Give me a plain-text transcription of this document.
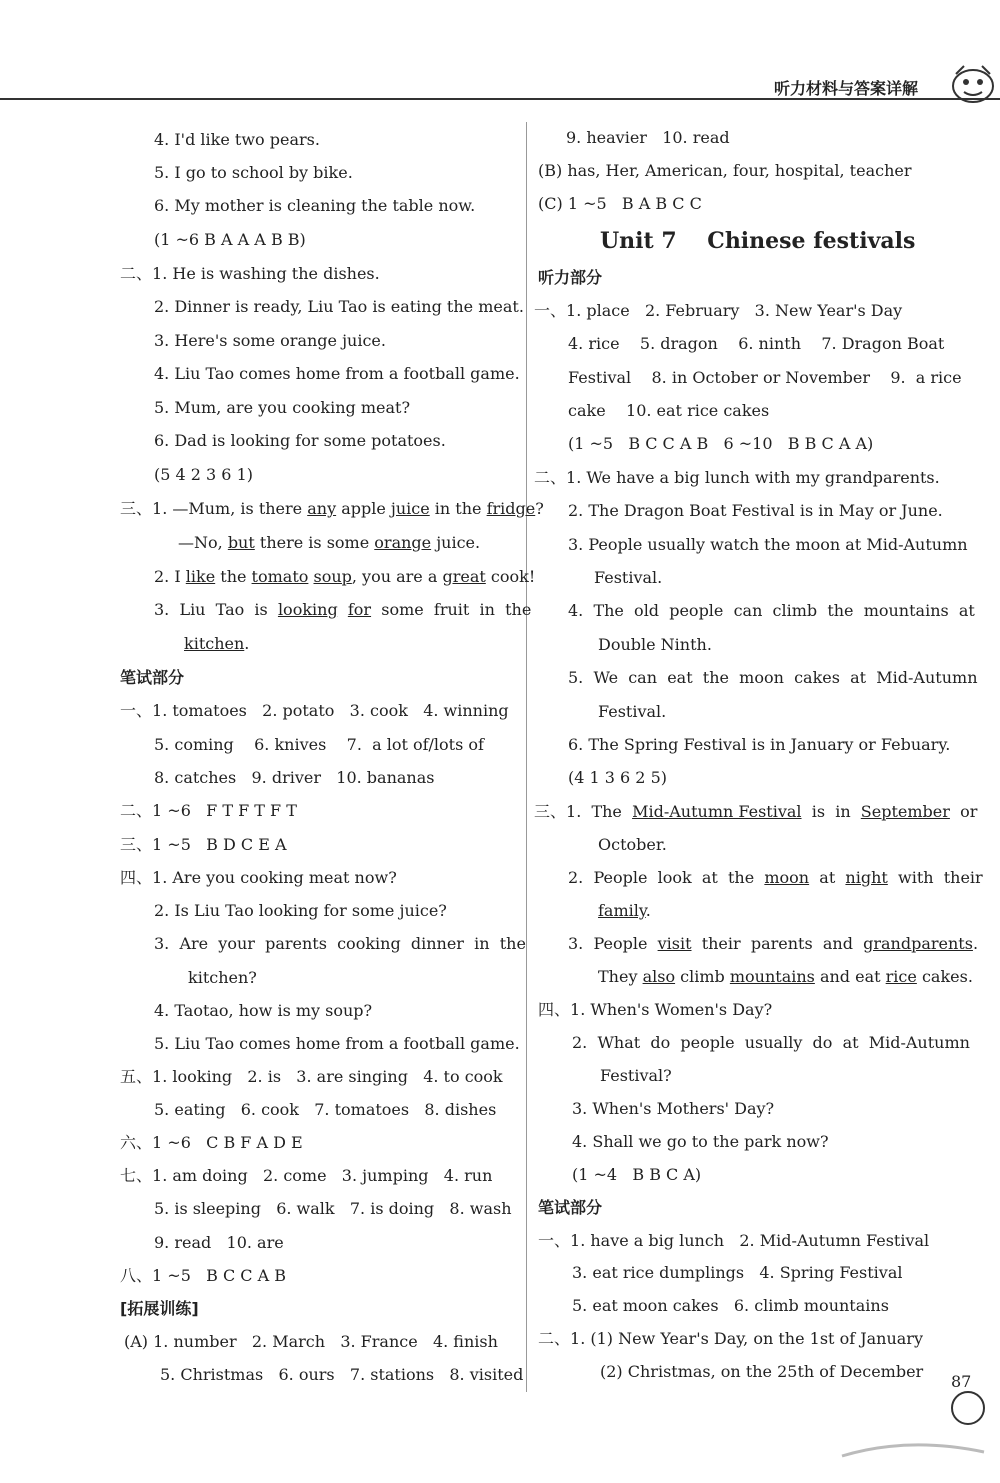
听力材料与答案详解
4. I'd like two pears.
5. I go to school by bike.
6. My mother is cleaning the table now.
(1 ~6 B A A A B B)
二、1. He is washing the dishes.
2. Dinner is ready, Liu Tao is eating the meat.
3. Here's some orange juice.
4. Liu Tao comes home from a football game.
5. Mum, are you cooking meat?
6. Dad is looking for some potatoes.
(5 4 2 3 6 1)
三、1. —Mum, is there any apple juice in the fridge?
—No, but there is some orange juice.
2. I like the tomato soup, you are a great cook!
3.  Liu  Tao  is  looking for  some  fruit  in  the
kitchen.
笔试部分
一、1. tomatoes   2. potato   3. cook   4. winning
5. coming    6. knives    7.  a lot of/lots of
8. catches   9. driver   10. bananas
二、1 ~6   F T F T F T
三、1 ~5   B D C E A
四、1. Are you cooking meat now?
2. Is Liu Tao looking for some juice?
3.  Are  your  parents  cooking  dinner  in  the
kitchen?
4. Taotao, how is my soup?
5. Liu Tao comes home from a football game.
五、1. looking   2. is   3. are singing   4. to cook
5. eating   6. cook   7. tomatoes   8. dishes
六、1 ~6   C B F A D E
七、1. am doing   2. come   3. jumping   4. run
5. is sleeping   6. walk   7. is doing   8. wash
9. read   10. are
八、1 ~5   B C C A B
[拓展训练]
(A) 1. number   2. March   3. France   4. finish
5. Christmas   6. ours   7. stations   8. visited
9. heavier   10. read
(B) has, Her, American, four, hospital, teacher
(C) 1 ~5   B A B C C
Unit 7    Chinese festivals
听力部分
一、1. place   2. February   3. New Year's Day
4. rice    5. dragon    6. ninth    7. Dragon Boat
Festival    8. in October or November    9.  a rice
cake    10. eat rice cakes
(1 ~5   B C C A B   6 ~10   B B C A A)
二、1. We have a big lunch with my grandparents.
2. The Dragon Boat Festival is in May or June.
3. People usually watch the moon at Mid-Autumn
Festival.
4.  The  old  people  can  climb  the  mountains  at
Double Ninth.
5.  We  can  eat  the  moon  cakes  at  Mid-Autumn
Festival.
6. The Spring Festival is in January or Febuary.
(4 1 3 6 2 5)
三、1.  The  Mid-Autumn Festival  is  in  September  or
October.
2.  People  look  at  the  moon  at  night  with  their
family.
3.  People  visit  their  parents  and  grandparents.
They also climb mountains and eat rice cakes.
四、1. When's Women's Day?
2.  What  do  people  usually  do  at  Mid-Autumn
Festival?
3. When's Mothers' Day?
4. Shall we go to the park now?
(1 ~4   B B C A)
笔试部分
一、1. have a big lunch   2. Mid-Autumn Festival
3. eat rice dumplings   4. Spring Festival
5. eat moon cakes   6. climb mountains
二、1. (1) New Year's Day, on the 1st of January
(2) Christmas, on the 25th of December
87
